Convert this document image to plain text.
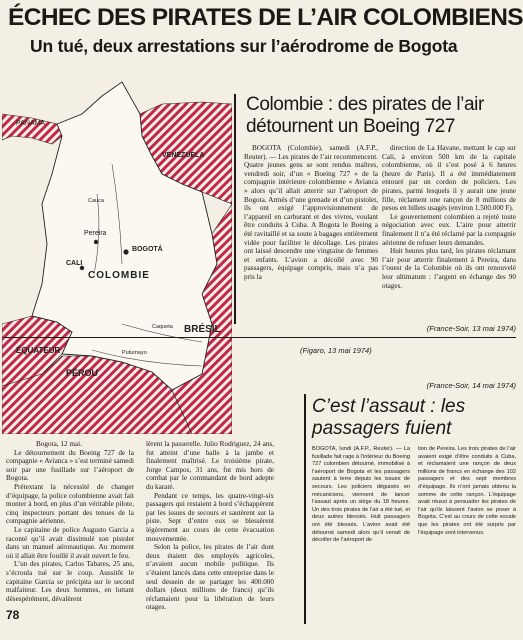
ÉCHEC DES PIRATES DE L’AIR COLOMBIENS
Un tué, deux arrestations sur l’aérodrome de Bogota
PANAMA
VÉNÉZUÉLA
Pereira
BOGOTÁ
CALI
COLOMBIE
Cauca
Caqueta
Putumayo
BRÉSIL
ÉQUATEUR
PÉROU
Colombie : des pirates de l’air détournent un Boeing 727
BOGOTA (Colombie), samedi (A.F.P., Reuter). — Les pirates de l’air recommencent. Quatre jeunes gens se sont rendus maîtres, vendredi soir, d’un « Boeing 727 » de la compagnie intérieure colombienne « Avianca » alors qu’il allait atterrir sur l’aéroport de Bogota. Armés d’une grenade et d’un pistolet, ils ont exigé l’approvisionnement de l’appareil en carburant et des vivres, voulant être conduits à Cuba. A Bogota le Boeing a été ravitaillé et sa soute à bagages entièrement vidée pour faciliter le décollage. Les pirates ont laissé descendre une vingtaine de femmes et enfants. L’avion a décollé avec 90 passagers, équipage compris, mais n’a pas pris la

direction de La Havane, mettant le cap sur Cali, à environ 500 km de la capitale colombienne, où il s’est posé à 6 heures (heure de Paris). Il a été immédiatement entouré par un cordon de policiers. Les pirates, parmi lesquels il y aurait une jeune fille, réclament une rançon de 8 millions de pesos en billets usagés (environ 1.500.000 F).

Le gouvernement colombien a rejeté toute négociation avec eux. L’aire pour atterrir finalement il n’a été réclamé par la compagnie aérienne de refuser leurs demandes.

Huit heures plus tard, les pirates réclamant l’air pour atterrir finalement à Pereira, dans l’ouest de la Colombie où ils ont renouvelé leur ultimatum : l’argent en échange des 90 otages.

(France-Soir, 13 mai 1974)
(Figaro, 13 mai 1974)
(France-Soir, 14 mai 1974)

Bogota, 12 mai.

Le détournement du Boeing 727 de la compagnie « Avianca » s’est terminé samedi soir par une fusillade sur l’aéroport de Bogota.

Prétextant la nécessité de changer d’équipage, la police colombienne avait fait monter à bord, en plus d’un véritable pilote, cinq inspecteurs portant des tenues de la compagnie aérienne.

Le capitaine de police Augusto Garcia a raconté qu’il avait dissimulé son pistolet dans un manuel aéronautique. Au moment où il allait être fouillé il avait ouvert le feu.

L’un des pirates, Carlos Tabares, 25 ans, s’écroula tué sur le coup. Aussitôt le capitaine Garcia se précipita sur le second malfaiteur. Les deux hommes, en luttant désespérément, dévalèrent

lèrent la passerelle. Julio Rodriguez, 24 ans, fut atteint d’une balle à la jambe et finalement maîtrisé. Le troisième pirate, Jorge Campos, 31 ans, fut mis hors de combat par le commandant de bord adepte du karaté.

Pendant ce temps, les quatre-vingt-six passagers qui restaient à bord s’échappèrent par les issues de secours et sautèrent sur la piste. Sept d’entre eux se blessèrent légèrement au cours de cette évacuation mouvementée.

Selon la police, les pirates de l’air dont deux étaient des employés agricoles, n’avaient aucun mobile politique. Ils s’étaient lancés dans cette entreprise dans le seul dessein de se partager les 400.000 dollars (deux millions de francs) qu’ils réclamaient pour la libération de leurs otages.

C’est l’assaut : les passagers fuient
BOGOTA, lundi (A.F.P., Reuter). — La fusillade fait rage à l’intérieur du Boeing 727 colombien détourné, immobilisé à l’aéroport de Bogota et les passagers sautent à terre depuis les issues de secours. Les policiers déguisés en mécaniciens, viennent de lancer l’assaut après un siège du 18 heures. Un des trois pirates de l’air a été tué, et deux autres blessés. Huit passagers ont été blessés. L’avion avait été détourné samedi alors qu’il venait de décoller de l’aéroport de
tion de Pereira. Les trois pirates de l’air avaient exigé d’être conduits à Cuba, et réclamaient une rançon de deux millions de francs en échange des 102 passagers et des sept membres d’équipage. Ils n’ont jamais obtenu la somme de cette rançon. L’équipage avait réussi à persuader les pirates de l’air qu’ils laissent l’avion se poser à Bogota. C’est au cours de cette escale que les pirates ont été surpris par l’équipage sont intervenus.
78
